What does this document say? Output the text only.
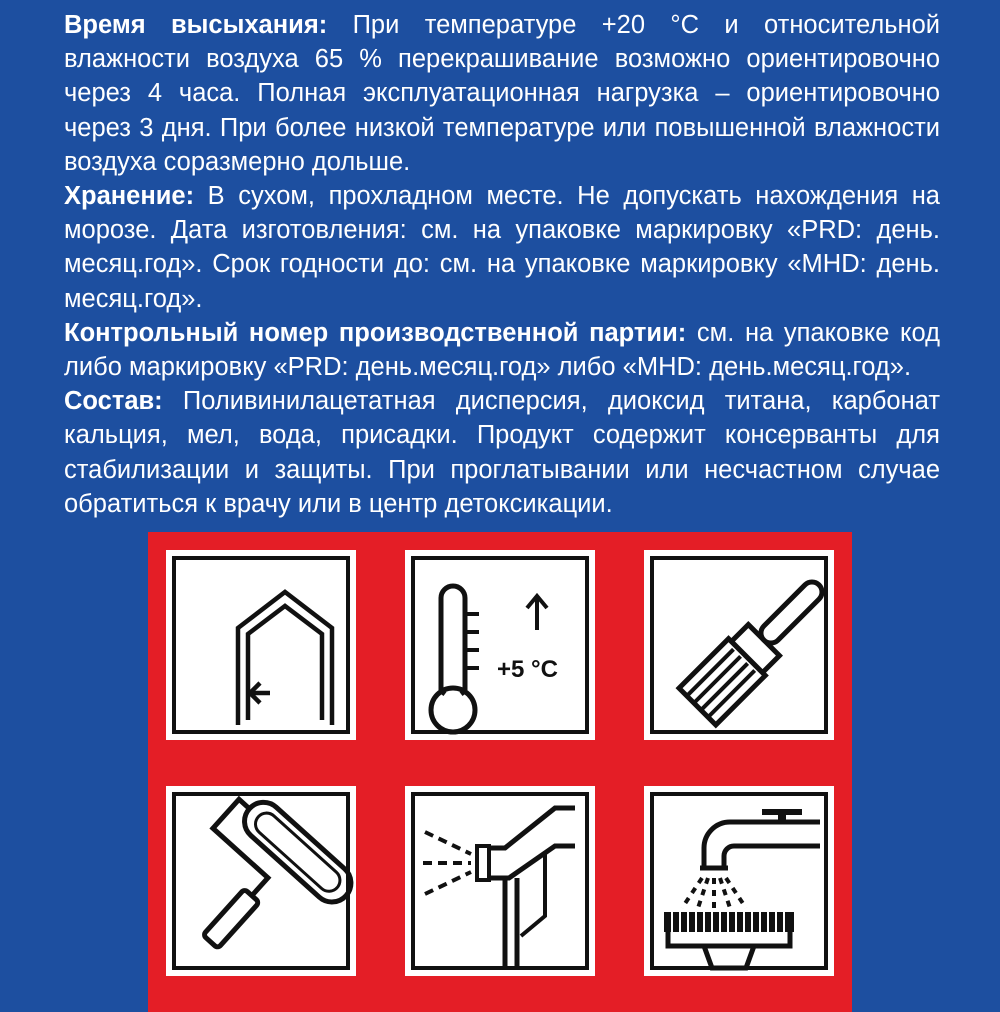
Время высыхания: При температуре +20 °С и относительной влажности воздуха 65 % перекрашивание возможно ориентировочно через 4 часа. Полная эксплуатационная нагрузка – ориентировочно через 3 дня. При более низкой температуре или повышенной влажности воздуха соразмерно дольше.

Хранение: В сухом, прохладном месте. Не допускать нахождения на морозе. Дата изготовления: см. на упаковке маркировку «PRD: день. месяц.год». Срок годности до: см. на упаковке маркировку «MHD: день. месяц.год».

Контрольный номер производственной партии: см. на упаковке код либо маркировку «PRD: день.месяц.год» либо «MHD: день.месяц.год».

Состав: Поливинилацетатная дисперсия, диоксид титана, карбонат кальция, мел, вода, присадки. Продукт содержит консерванты для стабилизации и защиты. При проглатывании или несчастном случае обратиться к врачу или в центр детоксикации.

+5 °C
